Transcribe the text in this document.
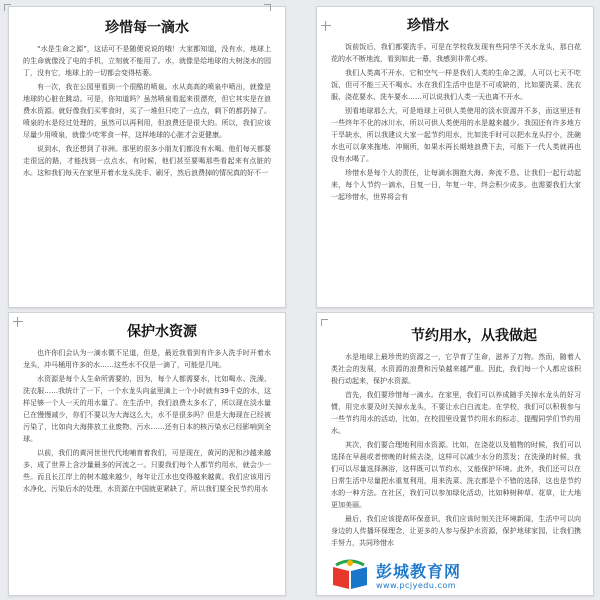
珍惜每一滴水

“水是生命之源”，这话可不是随便说说的哦！大家都知道，没有水，地球上的生命就像没了电的手机，立刻就不能用了。水，就像是给地球的大树浇水的园丁，没有它，地球上的一切都会变得枯萎。

有一次，我在公园里看到一个很酷的喷泉。水从高高的喷泉中喷出，就像是地球的心脏在跳动。可是，你知道吗？虽然喷泉看起来很漂亮，但它其实是在浪费水资源。就好像我们买零食时，买了一堆但只吃了一点点，剩下的都扔掉了。喷泉的水是经过处理的，虽然可以再利用，但浪费还是很大的。所以，我们应该尽量少用喷泉，就像少吃零食一样，这样地球的心脏才会更健康。

说到水，我还想到了非洲。那里的很多小朋友们都没有水喝。他们每天都要走很远的路，才能找到一点点水，有时候，他们甚至要喝那些看起来有点脏的水。这和我们每天在家里开着水龙头洗手、刷牙，然后浪费掉的情况真的好不一

珍惜水

饭前饭后，我们都要洗手。可是在学校我发现有些同学不关水龙头，那白花花的水不断地流，看到如此一幕，我感到非常心疼。

我们人类离不开水，它和空气一样是我们人类的生命之源，人可以七天不吃饭，但可不能三天不喝水。水在我们生活中也是不可或缺的，比如要洗菜、洗衣服、浇花要水、洗车要水……可以说我们人类一天也离不开水。

别看地球那么大，可是地球上可供人类使用的淡水资源并不多，而这里还有一些终年不化的冰川水，所以可供人类使用的水是越来越少。我国还有许多地方干旱缺水，所以我建议大家一起节约用水，比如洗手时可以把水龙头拧小，洗碗水也可以拿来拖地、冲厕所，如果水再长期地浪费下去，可能下一代人类就再也没有水喝了。

珍惜水是每个人的责任，让每滴水拥抱大海、奔流不息。让我们一起行动起来，每个人节约一滴水，日复一日，年复一年，终会积少成多。也需要我们大家一起珍惜水，世界将会有

保护水资源

也许你们会认为一滴水微不足道，但是，最近我看到有许多人洗手时开着水龙头，冲马桶用许多的水……这些水不仅是一滴了，可能是几吨。

水资源是每个人生命所需要的，因为，每个人都需要水，比如喝水、洗澡、洗衣服……我统计了一下，一个水龙头向盆里滴上一个小时就有39千克的水，这样足够一个人一天的用水量了。在生活中，我们浪费太多水了，所以现在淡水量已在慢慢减少，你们不要以为大海这么大，水不是很多吗？但是大海现在已经被污染了，比如向大海排放工业废物、污水……还有日本的核污染水已经影响到全球。

以前，我们的黄河世世代代地哺育着我们，可是现在，黄河的泥和沙越来越多，成了世界上含沙量最多的河流之一。只要我们每个人都节约用水，就会少一些。而且长江岸上的树木越来越少，每年让江水也变得越来越黄。我们应该用污水净化、污染后水的处理，水资源在中国就更紧缺了，所以我们要全民节约用水

节约用水，从我做起

水是地球上最珍贵的资源之一，它孕育了生命，滋养了万物。然而，随着人类社会的发展，水资源的浪费和污染越来越严重。因此，我们每一个人都应该积极行动起来，保护水资源。

首先，我们要珍惜每一滴水。在家里，我们可以养成随手关掉水龙头的好习惯，用完水要及时关掉水龙头，不要让水白白流走。在学校，我们可以积极参与一些节约用水的活动，比如，在校园里设置节约用水的标志，提醒同学们节约用水。

其次，我们要合理地利用水资源。比如，在浇花以及植物的时候，我们可以选择在早晨或者傍晚的时候去浇，这样可以减少水分的蒸发；在洗澡的时候，我们可以尽量选择淋浴，这样既可以节约水，又能保护环境。此外，我们还可以在日常生活中尽量把水重复利用，用来洗菜、洗衣都是个不错的选择，这也是节约水的一种方法。在社区，我们可以参加绿化活动，比如种树种草、花草，让大地更加美丽。

最后，我们应该提高环保意识，我们应该时刻关注环境新闻，生活中可以向身边的人传播环保理念，让更多的人参与保护水资源，保护地球家园，让我们携手努力，共同珍惜水

彭城教育网
www.pcjyedu.com
